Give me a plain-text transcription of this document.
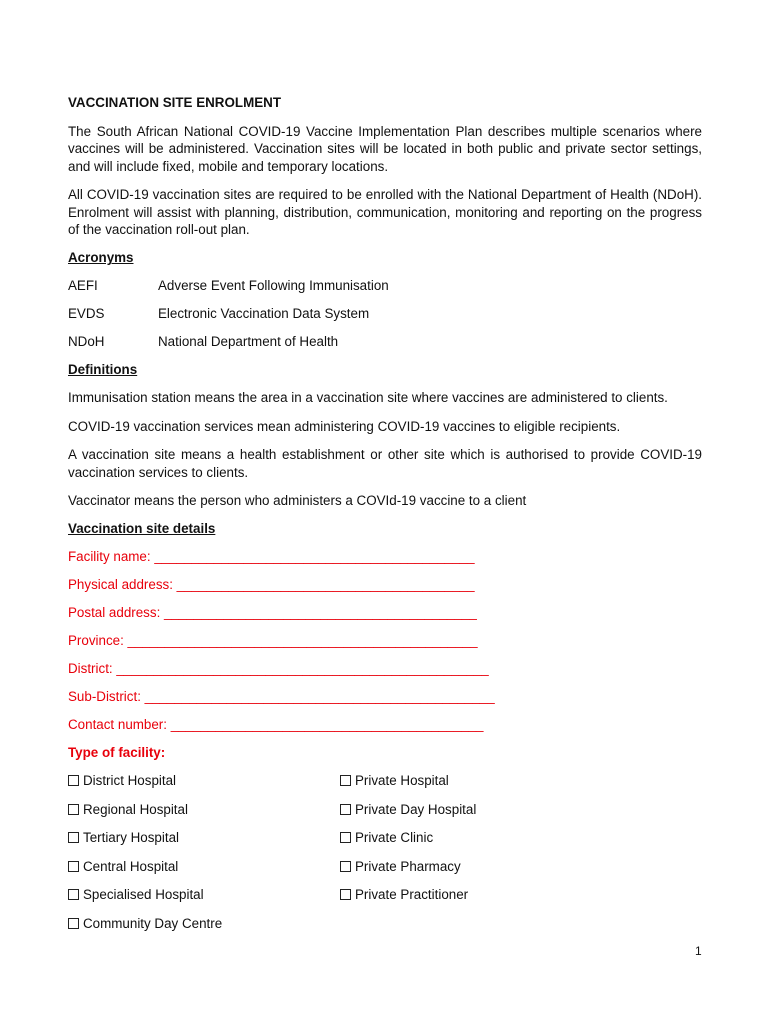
VACCINATION SITE ENROLMENT

The South African National COVID-19 Vaccine Implementation Plan describes multiple scenarios where vaccines will be administered. Vaccination sites will be located in both public and private sector settings, and will include fixed, mobile and temporary locations.

All COVID-19 vaccination sites are required to be enrolled with the National Department of Health (NDoH). Enrolment will assist with planning, distribution, communication, monitoring and reporting on the progress of the vaccination roll-out plan.

Acronyms
AEFI	Adverse Event Following Immunisation
EVDS	Electronic Vaccination Data System
NDoH	National Department of Health
Definitions

Immunisation station means the area in a vaccination site where vaccines are administered to clients.

COVID-19 vaccination services mean administering COVID-19 vaccines to eligible recipients.

A vaccination site means a health establishment or other site which is authorised to provide COVID-19 vaccination services to clients.

Vaccinator means the person who administers a COVId-19 vaccine to a client

Vaccination site details
Facility name: ___________________________________________
Physical address: ________________________________________
Postal address: __________________________________________
Province: _______________________________________________
District: __________________________________________________
Sub-District: _______________________________________________
Contact number: __________________________________________
Type of facility:
District Hospital	Private Hospital
Regional Hospital	Private Day Hospital
Tertiary Hospital	Private Clinic
Central Hospital	Private Pharmacy
Specialised Hospital	Private Practitioner
Community Day Centre
1
